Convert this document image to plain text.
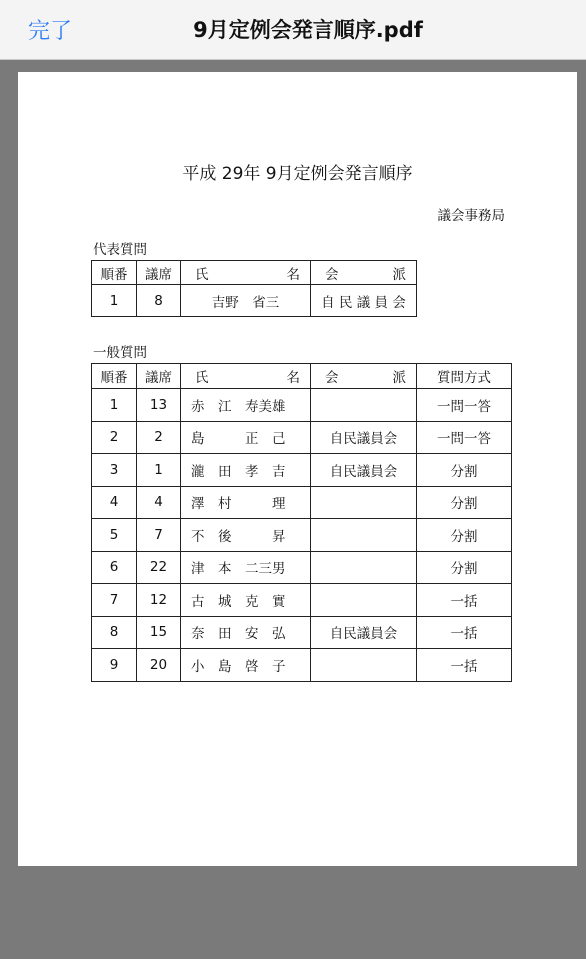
完了	9月定例会発言順序.pdf
平成 29年 9月定例会発言順序
議会事務局
代表質問
順番	議席	氏 名	会 派

1	8	吉野　省三	自 民 議 員 会
一般質問
順番	議席	氏 名	会 派	質問方式
1	13	赤　江　寿美雄		一問一答
2	2	島　　　正　己	自民議員会	一問一答
3	1	瀧　田　孝　吉	自民議員会	分割
4	4	澤　村　　　理		分割
5	7	不　後　　　昇		分割
6	22	津　本　二三男		分割
7	12	古　城　克　實		一括
8	15	奈　田　安　弘	自民議員会	一括
9	20	小　島　啓　子		一括
